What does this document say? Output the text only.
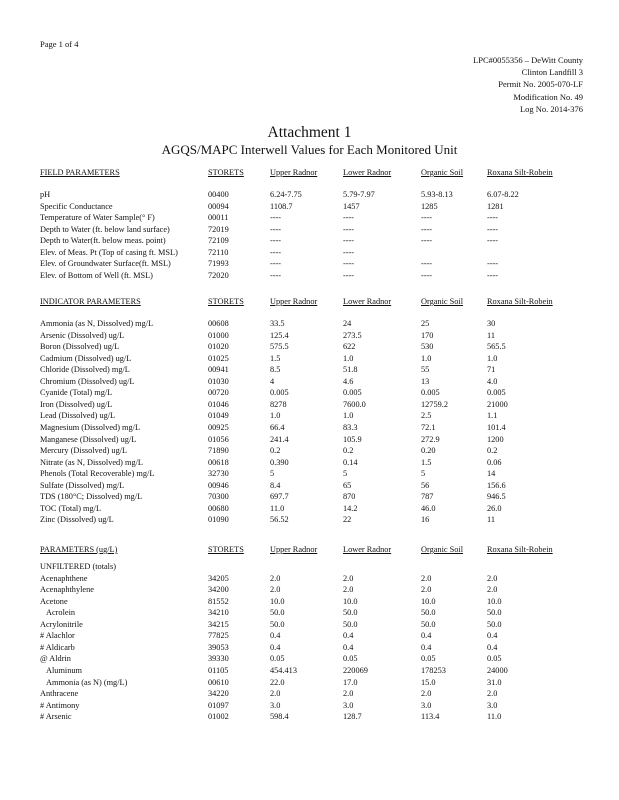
Page 1 of 4
LPC#0055356 – DeWitt County
Clinton Landfill 3
Permit No. 2005-070-LF
Modification No. 49
Log No. 2014-376
Attachment 1
AGQS/MAPC Interwell Values for Each Monitored Unit
FIELD PARAMETERS	STORETS	Upper Radnor	Lower Radnor	Organic Soil	Roxana Silt-Robein
pH	00400	6.24-7.75	5.79-7.97	5.93-8.13	6.07-8.22
Specific Conductance	00094	1108.7	1457	1285	1281
Temperature of Water Sample(° F)	00011	----	----	----	----
Depth to Water (ft. below land surface)	72019	----	----	----	----
Depth to Water(ft. below meas. point)	72109	----	----	----	----
Elev. of Meas. Pt (Top of casing ft. MSL)	72110	----	----
Elev. of Groundwater Surface(ft. MSL)	71993	----	----	----	----
Elev. of Bottom of Well (ft. MSL)	72020	----	----	----	----
INDICATOR PARAMETERS	STORETS	Upper Radnor	Lower Radnor	Organic Soil	Roxana Silt-Robein
Ammonia (as N, Dissolved) mg/L	00608	33.5	24	25	30
Arsenic (Dissolved) ug/L	01000	125.4	273.5	170	11
Boron (Dissolved) ug/L	01020	575.5	622	530	565.5
Cadmium (Dissolved) ug/L	01025	1.5	1.0	1.0	1.0
Chloride (Dissolved) mg/L	00941	8.5	51.8	55	71
Chromium (Dissolved) ug/L	01030	4	4.6	13	4.0
Cyanide (Total) mg/L	00720	0.005	0.005	0.005	0.005
Iron (Dissolved) ug/L	01046	8278	7600.0	12759.2	21000
Lead (Dissolved) ug/L	01049	1.0	1.0	2.5	1.1
Magnesium (Dissolved) mg/L	00925	66.4	83.3	72.1	101.4
Manganese (Dissolved) ug/L	01056	241.4	105.9	272.9	1200
Mercury (Dissolved) ug/L	71890	0.2	0.2	0.20	0.2
Nitrate (as N, Dissolved) mg/L	00618	0.390	0.14	1.5	0.06
Phenols (Total Recoverable) mg/L	32730	5	5	5	14
Sulfate (Dissolved) mg/L	00946	8.4	65	56	156.6
TDS (180°C; Dissolved) mg/L	70300	697.7	870	787	946.5
TOC (Total) mg/L	00680	11.0	14.2	46.0	26.0
Zinc (Dissolved) ug/L	01090	56.52	22	16	11
PARAMETERS (ug/L)	STORETS	Upper Radnor	Lower Radnor	Organic Soil	Roxana Silt-Robein
UNFILTERED (totals)
Acenaphthene	34205	2.0	2.0	2.0	2.0
Acenaphthylene	34200	2.0	2.0	2.0	2.0
Acetone	81552	10.0	10.0	10.0	10.0
Acrolein	34210	50.0	50.0	50.0	50.0
Acrylonitrile	34215	50.0	50.0	50.0	50.0
# Alachlor	77825	0.4	0.4	0.4	0.4
# Aldicarb	39053	0.4	0.4	0.4	0.4
@ Aldrin	39330	0.05	0.05	0.05	0.05
Aluminum	01105	454.413	220069	178253	24000
Ammonia (as N) (mg/L)	00610	22.0	17.0	15.0	31.0
Anthracene	34220	2.0	2.0	2.0	2.0
# Antimony	01097	3.0	3.0	3.0	3.0
# Arsenic	01002	598.4	128.7	113.4	11.0
